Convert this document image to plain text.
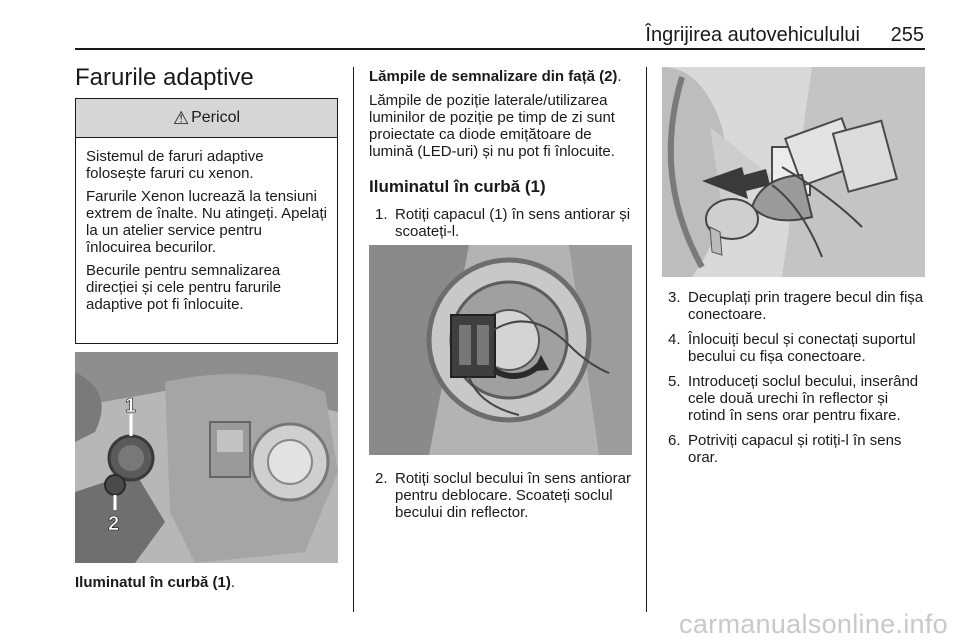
Îngrijirea autovehiculului 255
Farurile adaptive
⚠ Pericol

Sistemul de faruri adaptive folosește faruri cu xenon.

Farurile Xenon lucrează la tensiuni extrem de înalte. Nu atingeți. Apelați la un atelier service pentru înlocuirea becurilor.

Becurile pentru semnalizarea direcției și cele pentru farurile adaptive pot fi înlocuite.

1
2
Iluminatul în curbă (1).
Lămpile de semnalizare din față (2).

Lămpile de poziție laterale/utilizarea luminilor de poziție pe timp de zi sunt proiectate ca diode emițătoare de lumină (LED-uri) și nu pot fi înlocuite.

Iluminatul în curbă (1)
1. Rotiți capacul (1) în sens antiorar și scoateți-l.
2. Rotiți soclul becului în sens antiorar pentru deblocare. Scoateți soclul becului din reflector.
3. Decuplați prin tragere becul din fișa conectoare.
4. Înlocuiți becul și conectați suportul becului cu fișa conectoare.
5. Introduceți soclul becului, inserând cele două urechi în reflector și rotind în sens orar pentru fixare.
6. Potriviți capacul și rotiți-l în sens orar.
carmanualsonline.info
